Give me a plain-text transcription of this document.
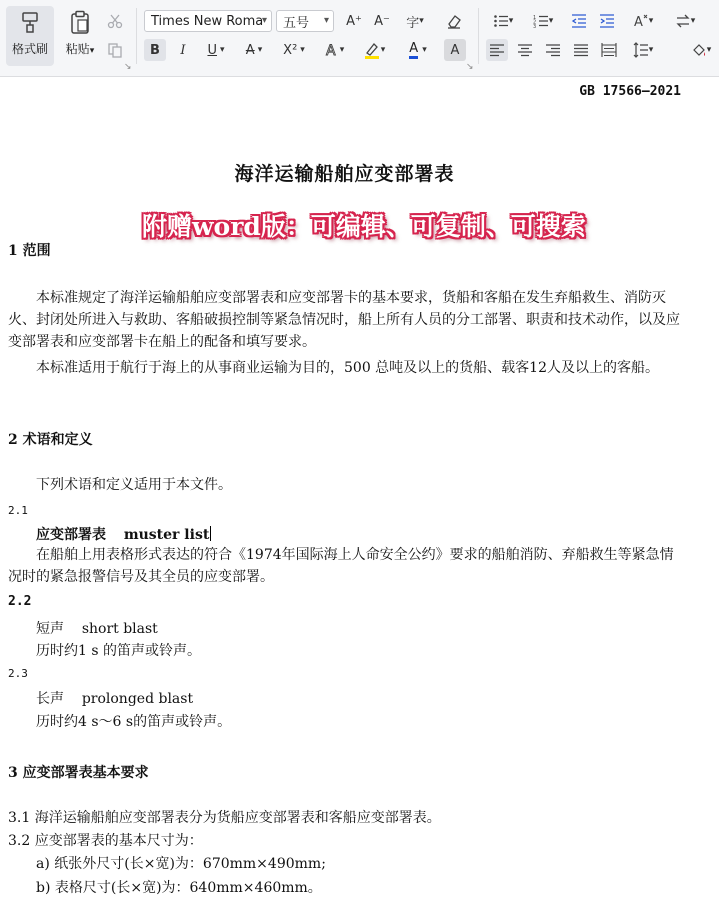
格式刷	粘贴▾
↘
Times New Roma
▾ 五号 ▾ A⁺ A⁻ 字 ▾
B I U ▾ A ▾ X² ▾ A ▾	▾ A ▾ A
↘
▾	1
2
3
▾	A ▾	▾
▾	▾
GB 17566—2021
海洋运输船舶应变部署表
附赠word版：可编辑、可复制、可搜索
1 范围
本标准规定了海洋运输船舶应变部署表和应变部署卡的基本要求，货船和客船在发生弃船救生、消防灭火、封闭处所进入与救助、客船破损控制等紧急情况时，船上所有人员的分工部署、职责和技术动作，以及应变部署表和应变部署卡在船上的配备和填写要求。
本标准适用于航行于海上的从事商业运输为目的，500 总吨及以上的货船、载客12人及以上的客船。
2 术语和定义
下列术语和定义适用于本文件。
2.1
应变部署表 muster list
在船舶上用表格形式表达的符合《1974年国际海上人命安全公约》要求的船舶消防、弃船救生等紧急情况时的紧急报警信号及其全员的应变部署。
2.2
短声 short blast
历时约1 s 的笛声或铃声。
2.3
长声 prolonged blast
历时约4 s～6 s的笛声或铃声。
3 应变部署表基本要求
3.1 海洋运输船舶应变部署表分为货船应变部署表和客船应变部署表。
3.2 应变部署表的基本尺寸为：
a) 纸张外尺寸(长×宽)为：670mm×490mm;
b) 表格尺寸(长×宽)为：640mm×460mm。
